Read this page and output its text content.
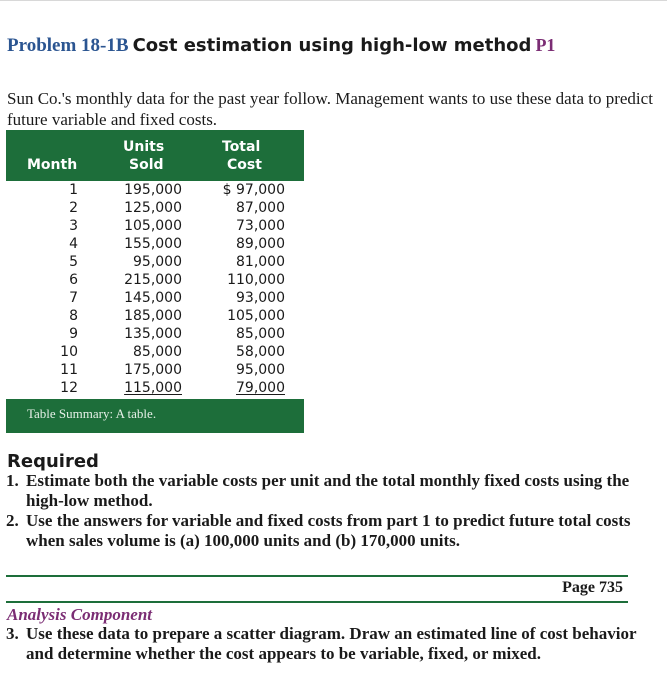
Problem 18-1B Cost estimation using high-low method P1
Sun Co.'s monthly data for the past year follow. Management wants to use these data to predict future variable and fixed costs.
Month
Units
Sold
Total
Cost
1	195,000	$ 97,000
2	125,000	87,000
3	105,000	73,000
4	155,000	89,000
5	95,000	81,000
6	215,000	110,000
7	145,000	93,000
8	185,000	105,000
9	135,000	85,000
10	85,000	58,000
11	175,000	95,000
12	115,000	79,000
Table Summary: A table.
Required
1. Estimate both the variable costs per unit and the total monthly fixed costs using the high-low method.
2. Use the answers for variable and fixed costs from part 1 to predict future total costs when sales volume is (a) 100,000 units and (b) 170,000 units.
Page 735
Analysis Component
3. Use these data to prepare a scatter diagram. Draw an estimated line of cost behavior and determine whether the cost appears to be variable, fixed, or mixed.
